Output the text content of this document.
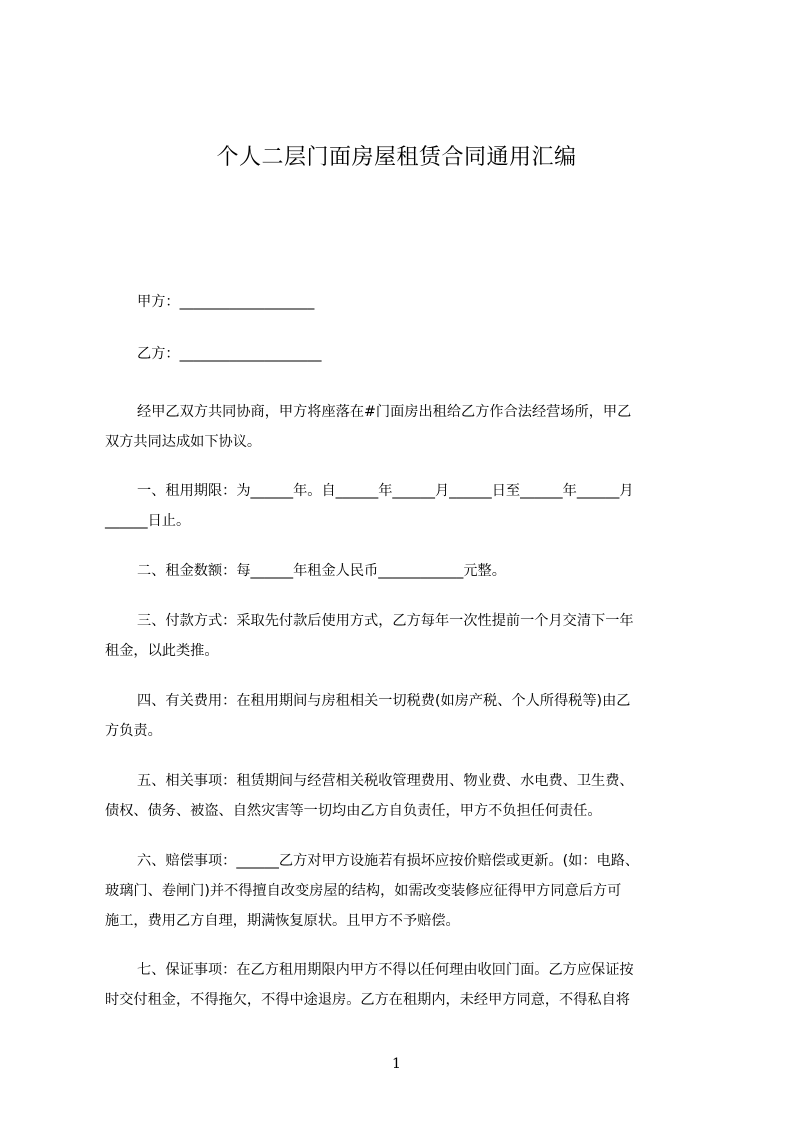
个人二层门面房屋租赁合同通用汇编
甲方：___________________
乙方：____________________
经甲乙双方共同协商，甲方将座落在#门面房出租给乙方作合法经营场所，甲乙
双方共同达成如下协议。
一、租用期限：为______年。自______年______月______日至______年______月
______日止。
二、租金数额：每______年租金人民币____________元整。
三、付款方式：采取先付款后使用方式，乙方每年一次性提前一个月交清下一年
租金，以此类推。
四、有关费用：在租用期间与房租相关一切税费(如房产税、个人所得税等)由乙
方负责。
五、相关事项：租赁期间与经营相关税收管理费用、物业费、水电费、卫生费、
债权、债务、被盗、自然灾害等一切均由乙方自负责任，甲方不负担任何责任。
六、赔偿事项：______乙方对甲方设施若有损坏应按价赔偿或更新。(如：电路、
玻璃门、卷闸门)并不得擅自改变房屋的结构，如需改变装修应征得甲方同意后方可
施工，费用乙方自理，期满恢复原状。且甲方不予赔偿。
七、保证事项：在乙方租用期限内甲方不得以任何理由收回门面。乙方应保证按
时交付租金，不得拖欠，不得中途退房。乙方在租期内，未经甲方同意，不得私自将
1
